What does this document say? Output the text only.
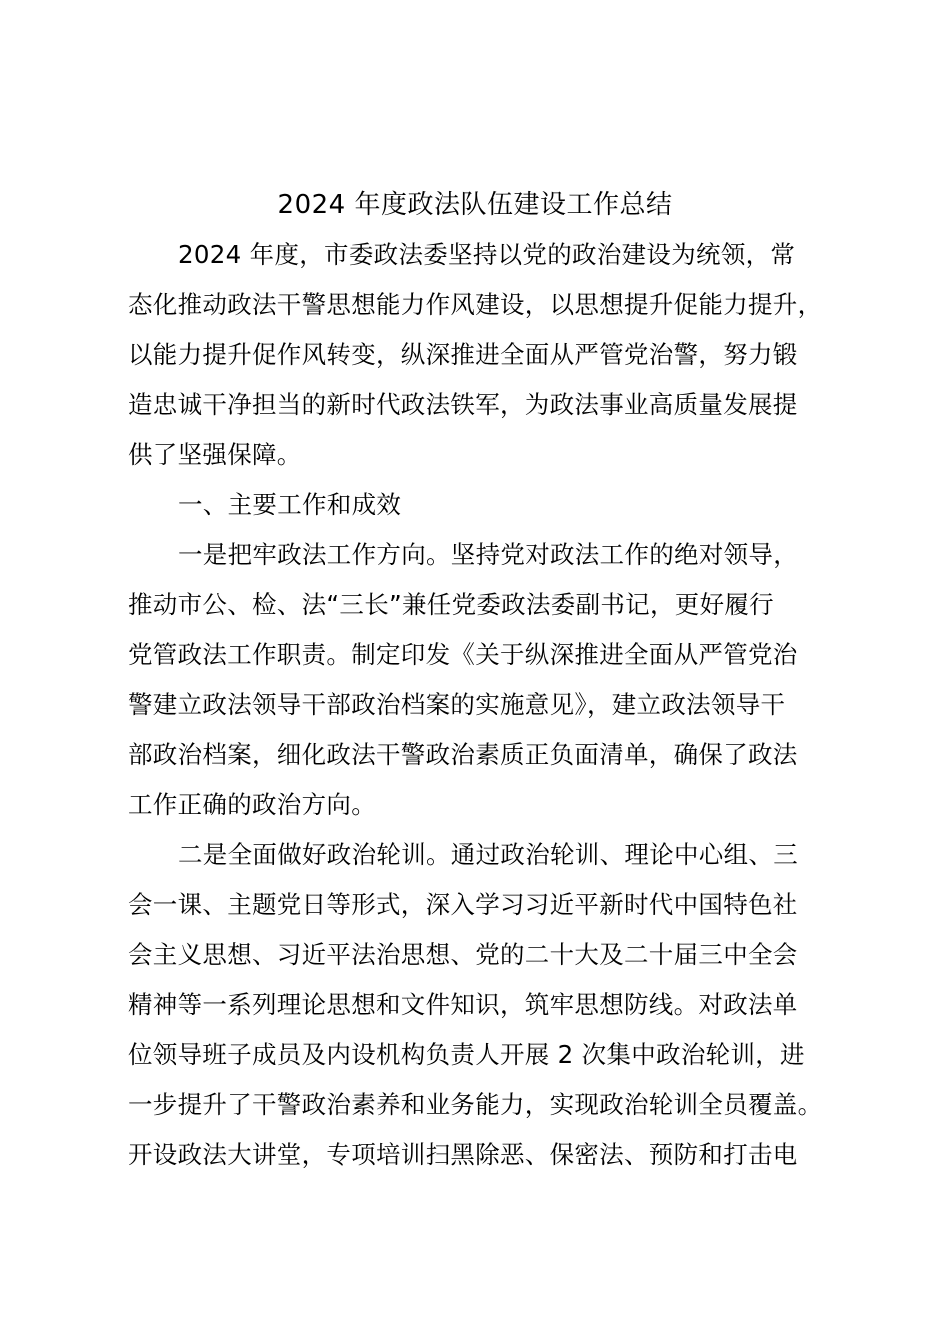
2024 年度政法队伍建设工作总结
2024 年度，市委政法委坚持以党的政治建设为统领，常
态化推动政法干警思想能力作风建设，以思想提升促能力提升，
以能力提升促作风转变，纵深推进全面从严管党治警，努力锻
造忠诚干净担当的新时代政法铁军，为政法事业高质量发展提
供了坚强保障。
一、主要工作和成效
一是把牢政法工作方向。坚持党对政法工作的绝对领导，
推动市公、检、法“三长”兼任党委政法委副书记，更好履行
党管政法工作职责。制定印发《关于纵深推进全面从严管党治
警建立政法领导干部政治档案的实施意见》，建立政法领导干
部政治档案，细化政法干警政治素质正负面清单，确保了政法
工作正确的政治方向。
二是全面做好政治轮训。通过政治轮训、理论中心组、三
会一课、主题党日等形式，深入学习习近平新时代中国特色社
会主义思想、习近平法治思想、党的二十大及二十届三中全会
精神等一系列理论思想和文件知识，筑牢思想防线。对政法单
位领导班子成员及内设机构负责人开展 2 次集中政治轮训，进
一步提升了干警政治素养和业务能力，实现政治轮训全员覆盖。
开设政法大讲堂，专项培训扫黑除恶、保密法、预防和打击电
